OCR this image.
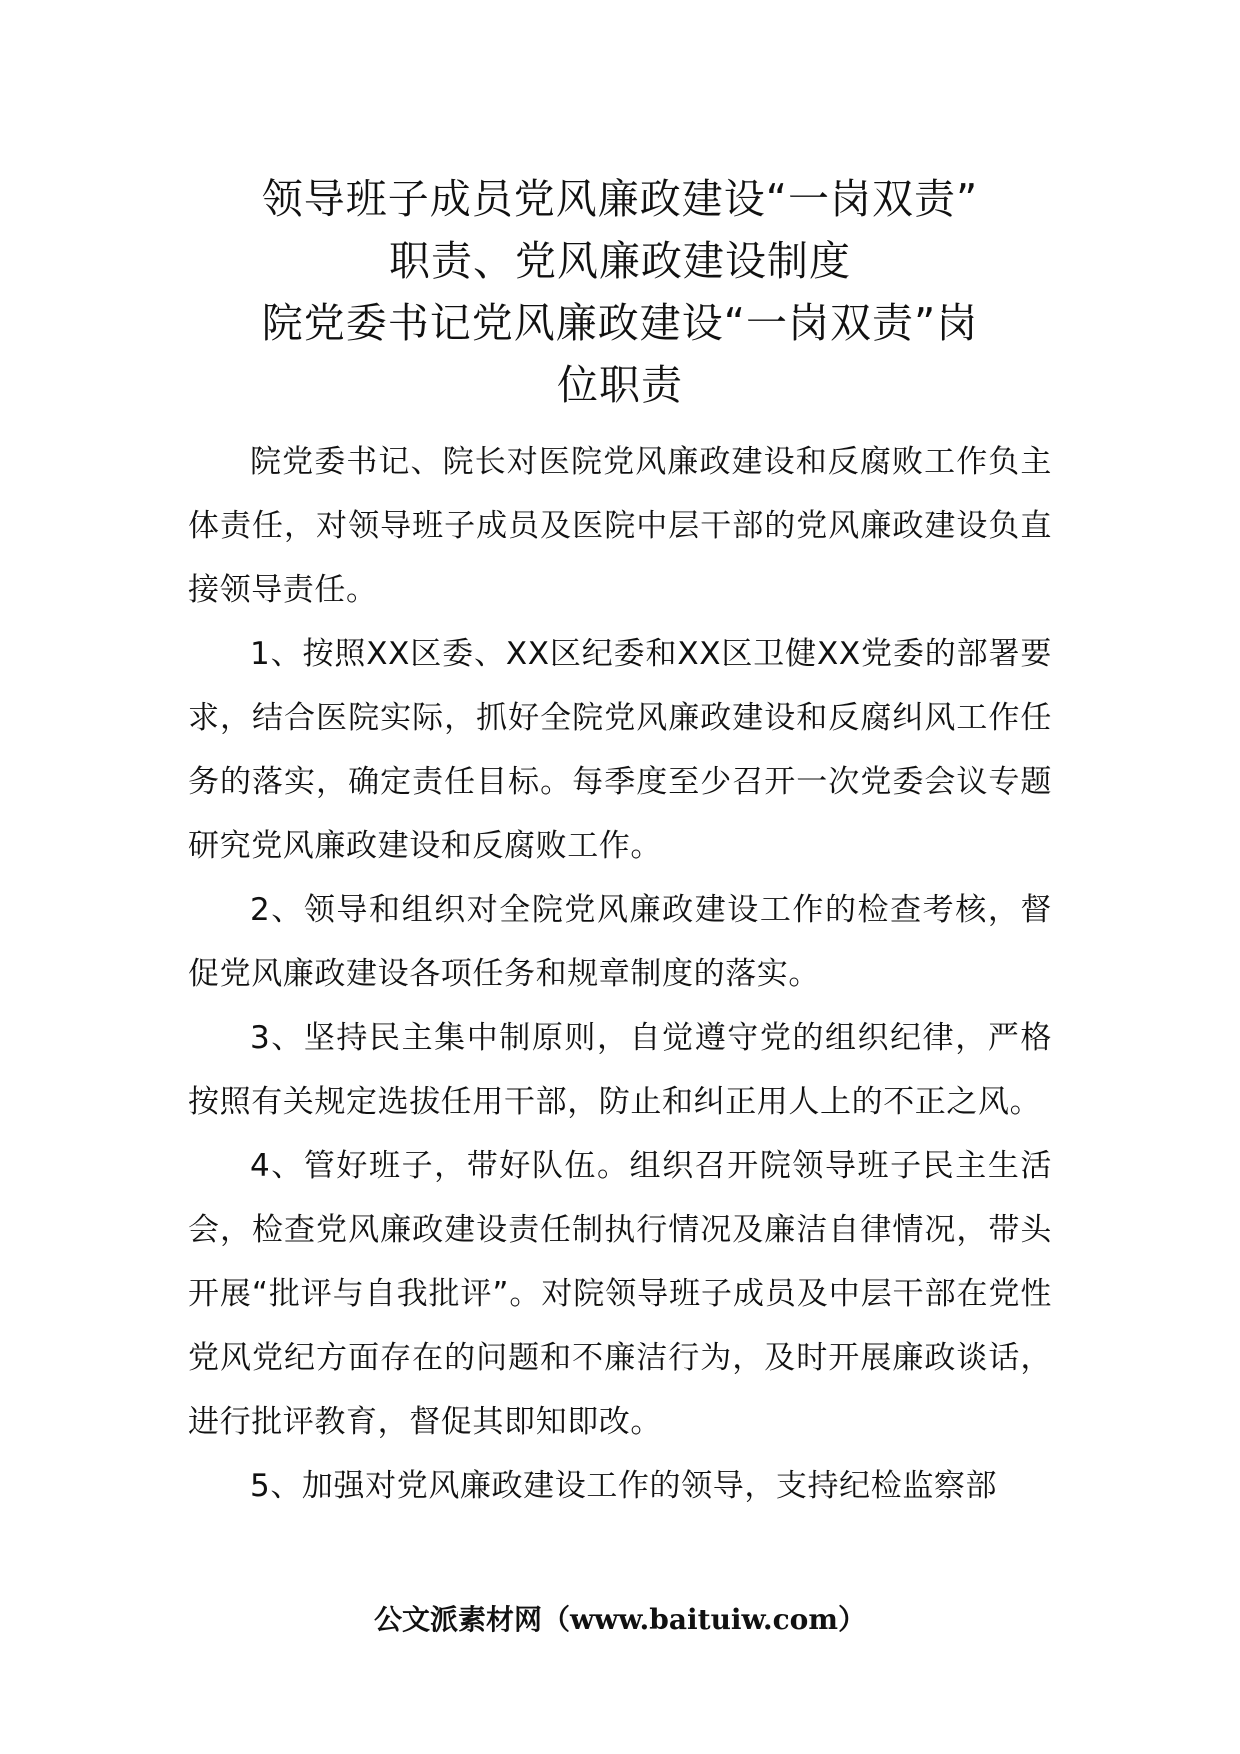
领导班子成员党风廉政建设“一岗双责”
职责、党风廉政建设制度
院党委书记党风廉政建设“一岗双责”岗
位职责

院党委书记、院长对医院党风廉政建设和反腐败工作负主体责任，对领导班子成员及医院中层干部的党风廉政建设负直接领导责任。

1、按照XX区委、XX区纪委和XX区卫健XX党委的部署要求，结合医院实际，抓好全院党风廉政建设和反腐纠风工作任务的落实，确定责任目标。每季度至少召开一次党委会议专题研究党风廉政建设和反腐败工作。

2、领导和组织对全院党风廉政建设工作的检查考核，督促党风廉政建设各项任务和规章制度的落实。

3、坚持民主集中制原则，自觉遵守党的组织纪律，严格按照有关规定选拔任用干部，防止和纠正用人上的不正之风。

4、管好班子，带好队伍。组织召开院领导班子民主生活会，检查党风廉政建设责任制执行情况及廉洁自律情况，带头开展“批评与自我批评”。对院领导班子成员及中层干部在党性党风党纪方面存在的问题和不廉洁行为，及时开展廉政谈话，进行批评教育，督促其即知即改。

5、加强对党风廉政建设工作的领导，支持纪检监察部

公文派素材网（www.baituiw.com）
